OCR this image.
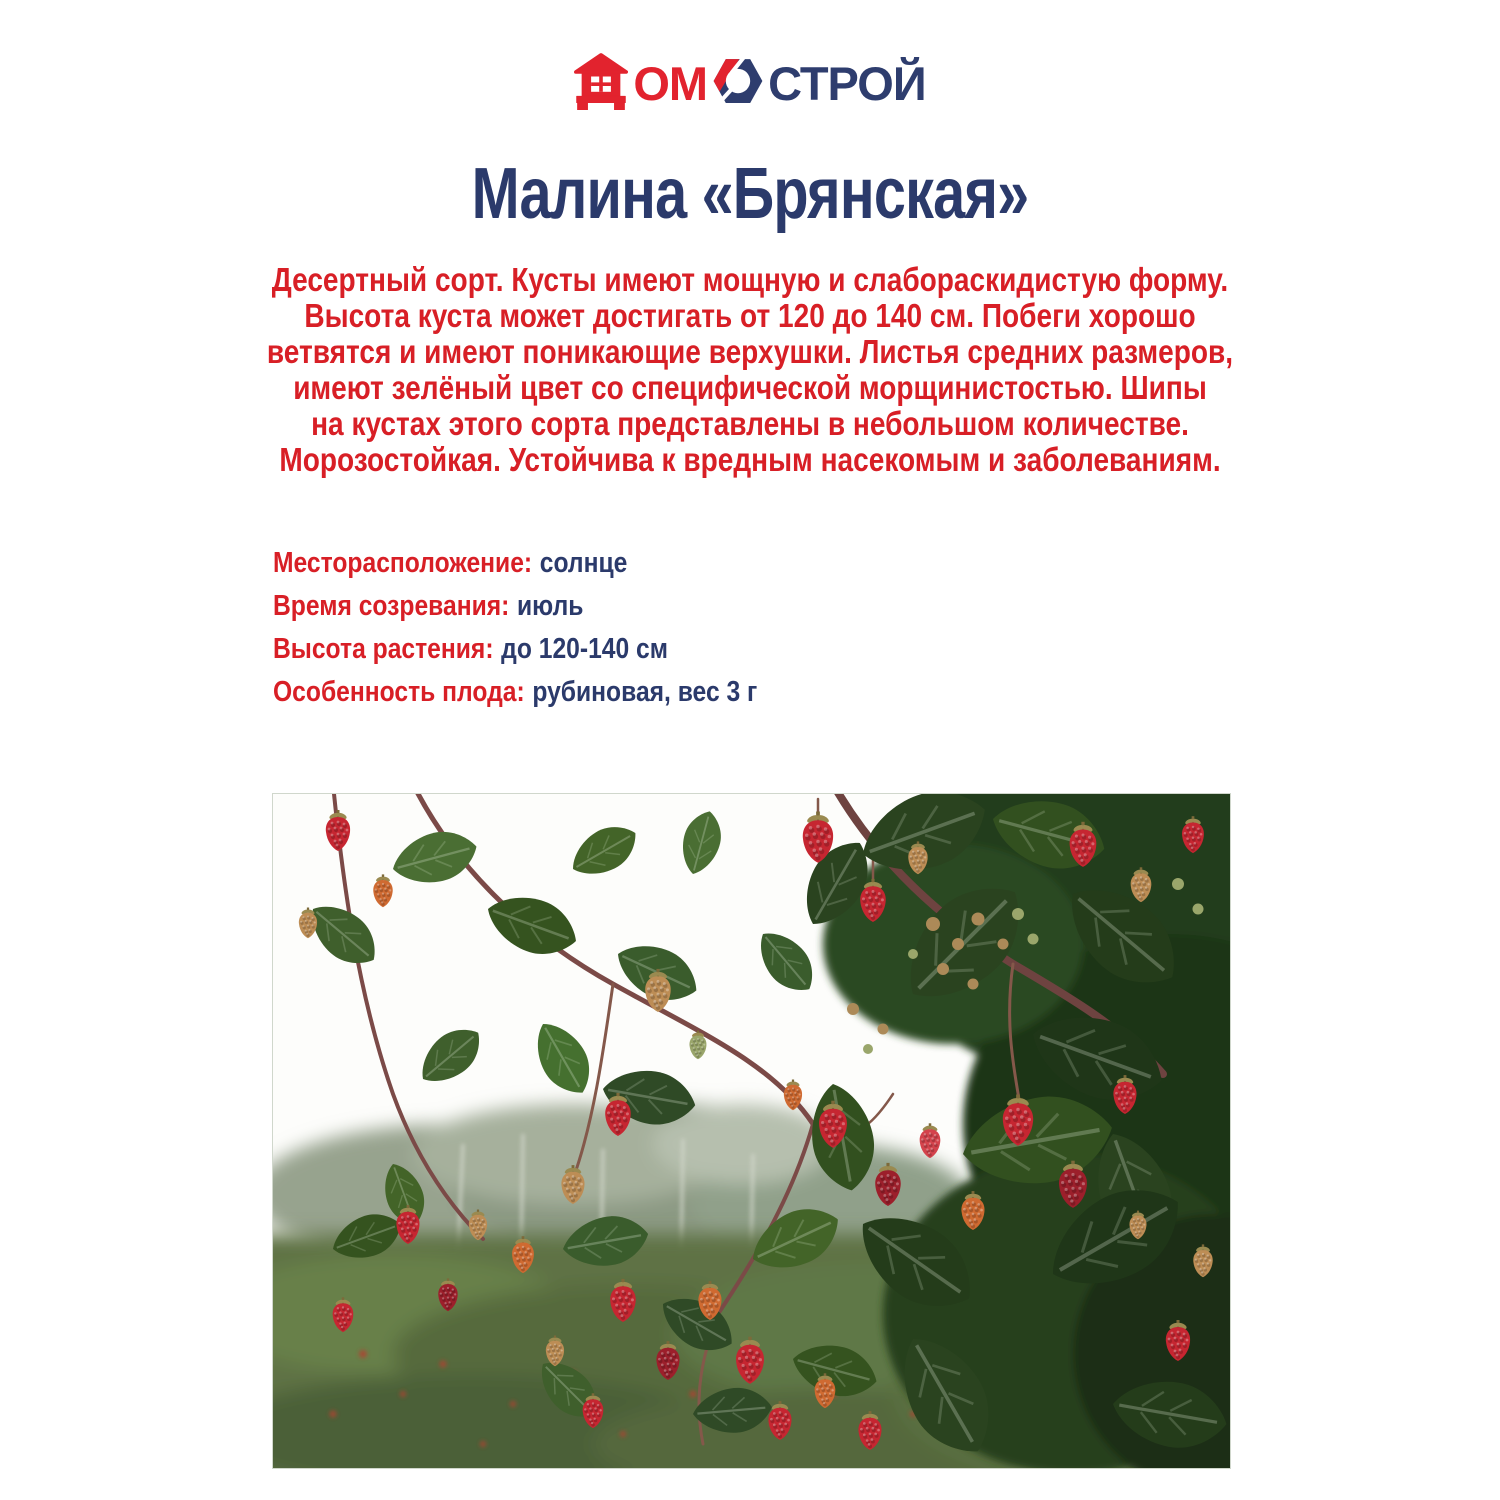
ОМ СТРОЙ
Малина «Брянская»
Десертный сорт. Кусты имеют мощную и слабораскидистую форму.
Высота куста может достигать от 120 до 140 см. Побеги хорошо
ветвятся и имеют поникающие верхушки. Листья средних размеров,
имеют зелёный цвет со специфической морщинистостью. Шипы
на кустах этого сорта представлены в небольшом количестве.
Морозостойкая. Устойчива к вредным насекомым и заболеваниям.
Месторасположение: солнце
Время созревания: июль
Высота растения: до 120-140 см
Особенность плода: рубиновая, вес 3 г
